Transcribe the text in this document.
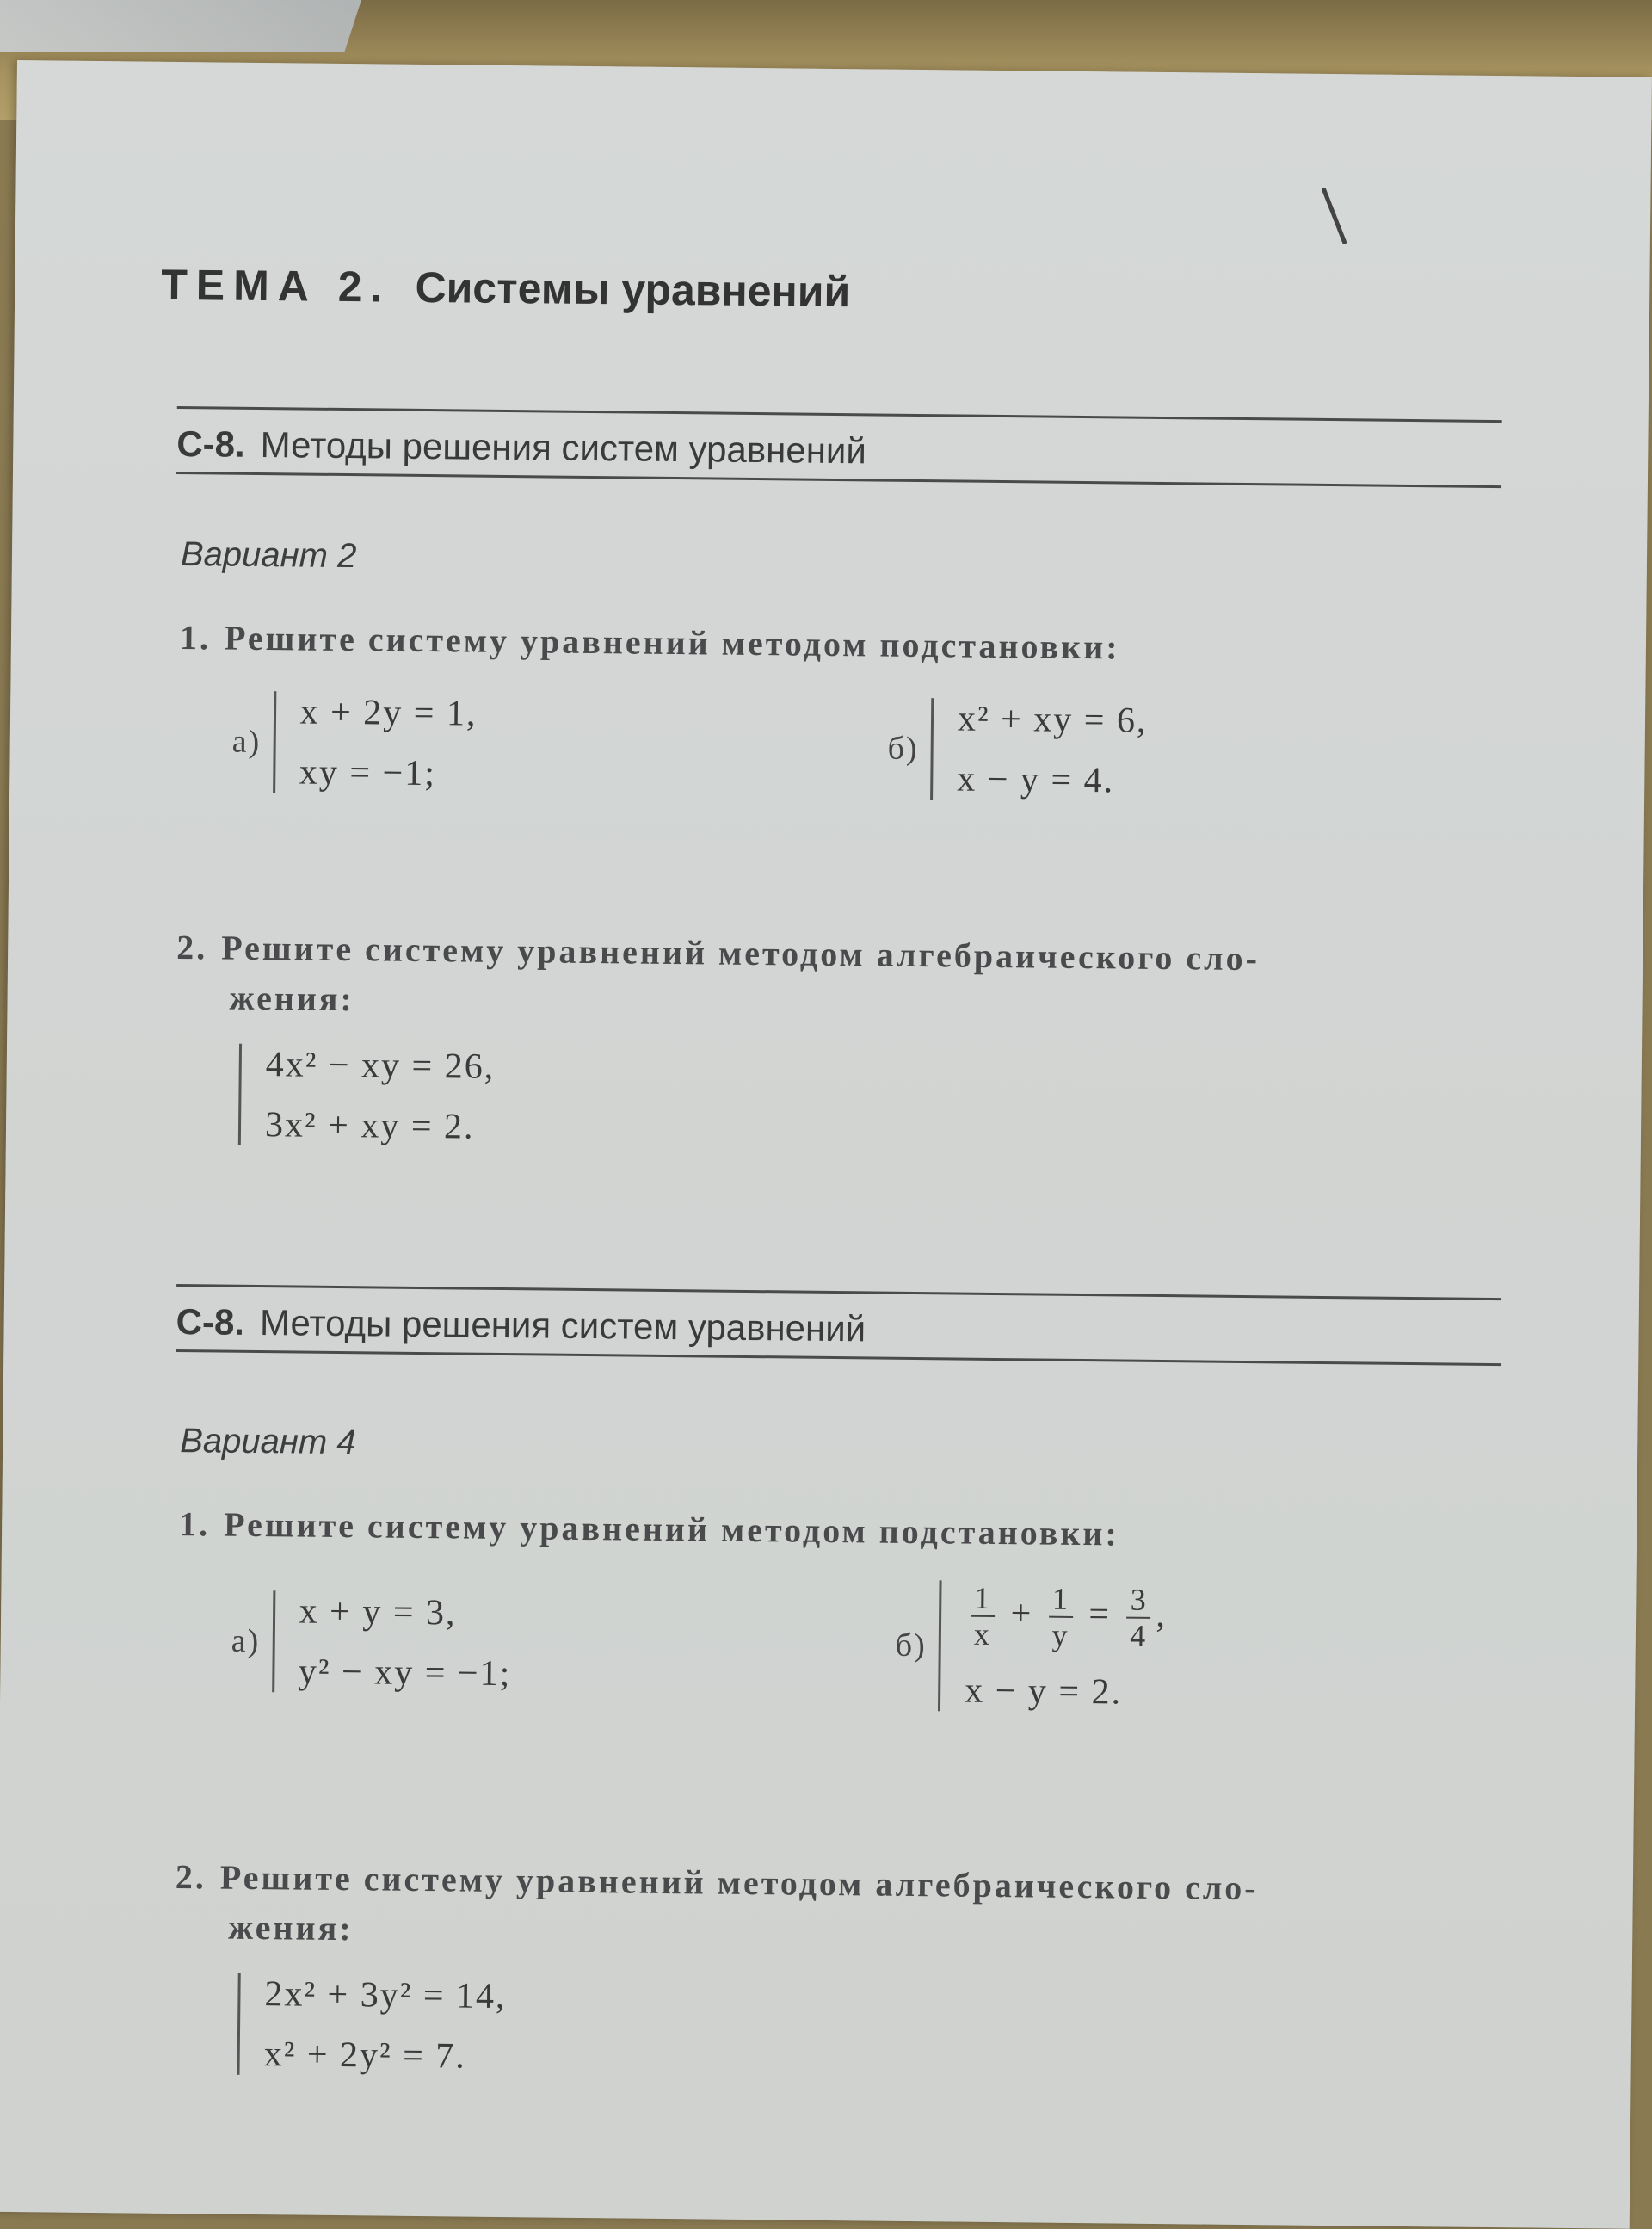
ТЕМА 2. Системы уравнений
С-8. Методы решения систем уравнений
Вариант 2
1. Решите систему уравнений методом подстановки:
а)
x + 2y = 1,
xy = −1;
б)
x² + xy = 6,
x − y = 4.
2. Решите систему уравнений методом алгебраического сло-
жения:
4x² − xy = 26,
3x² + xy = 2.
С-8. Методы решения систем уравнений
Вариант 4
1. Решите систему уравнений методом подстановки:
а)
x + y = 3,
y² − xy = −1;
$б) \frac{1}{x} + \frac{1}{y} = \frac{3}{4}$ ,
x − y = 2.
2. Решите систему уравнений методом алгебраического сло-
жения:
2x² + 3y² = 14,
x² + 2y² = 7.
